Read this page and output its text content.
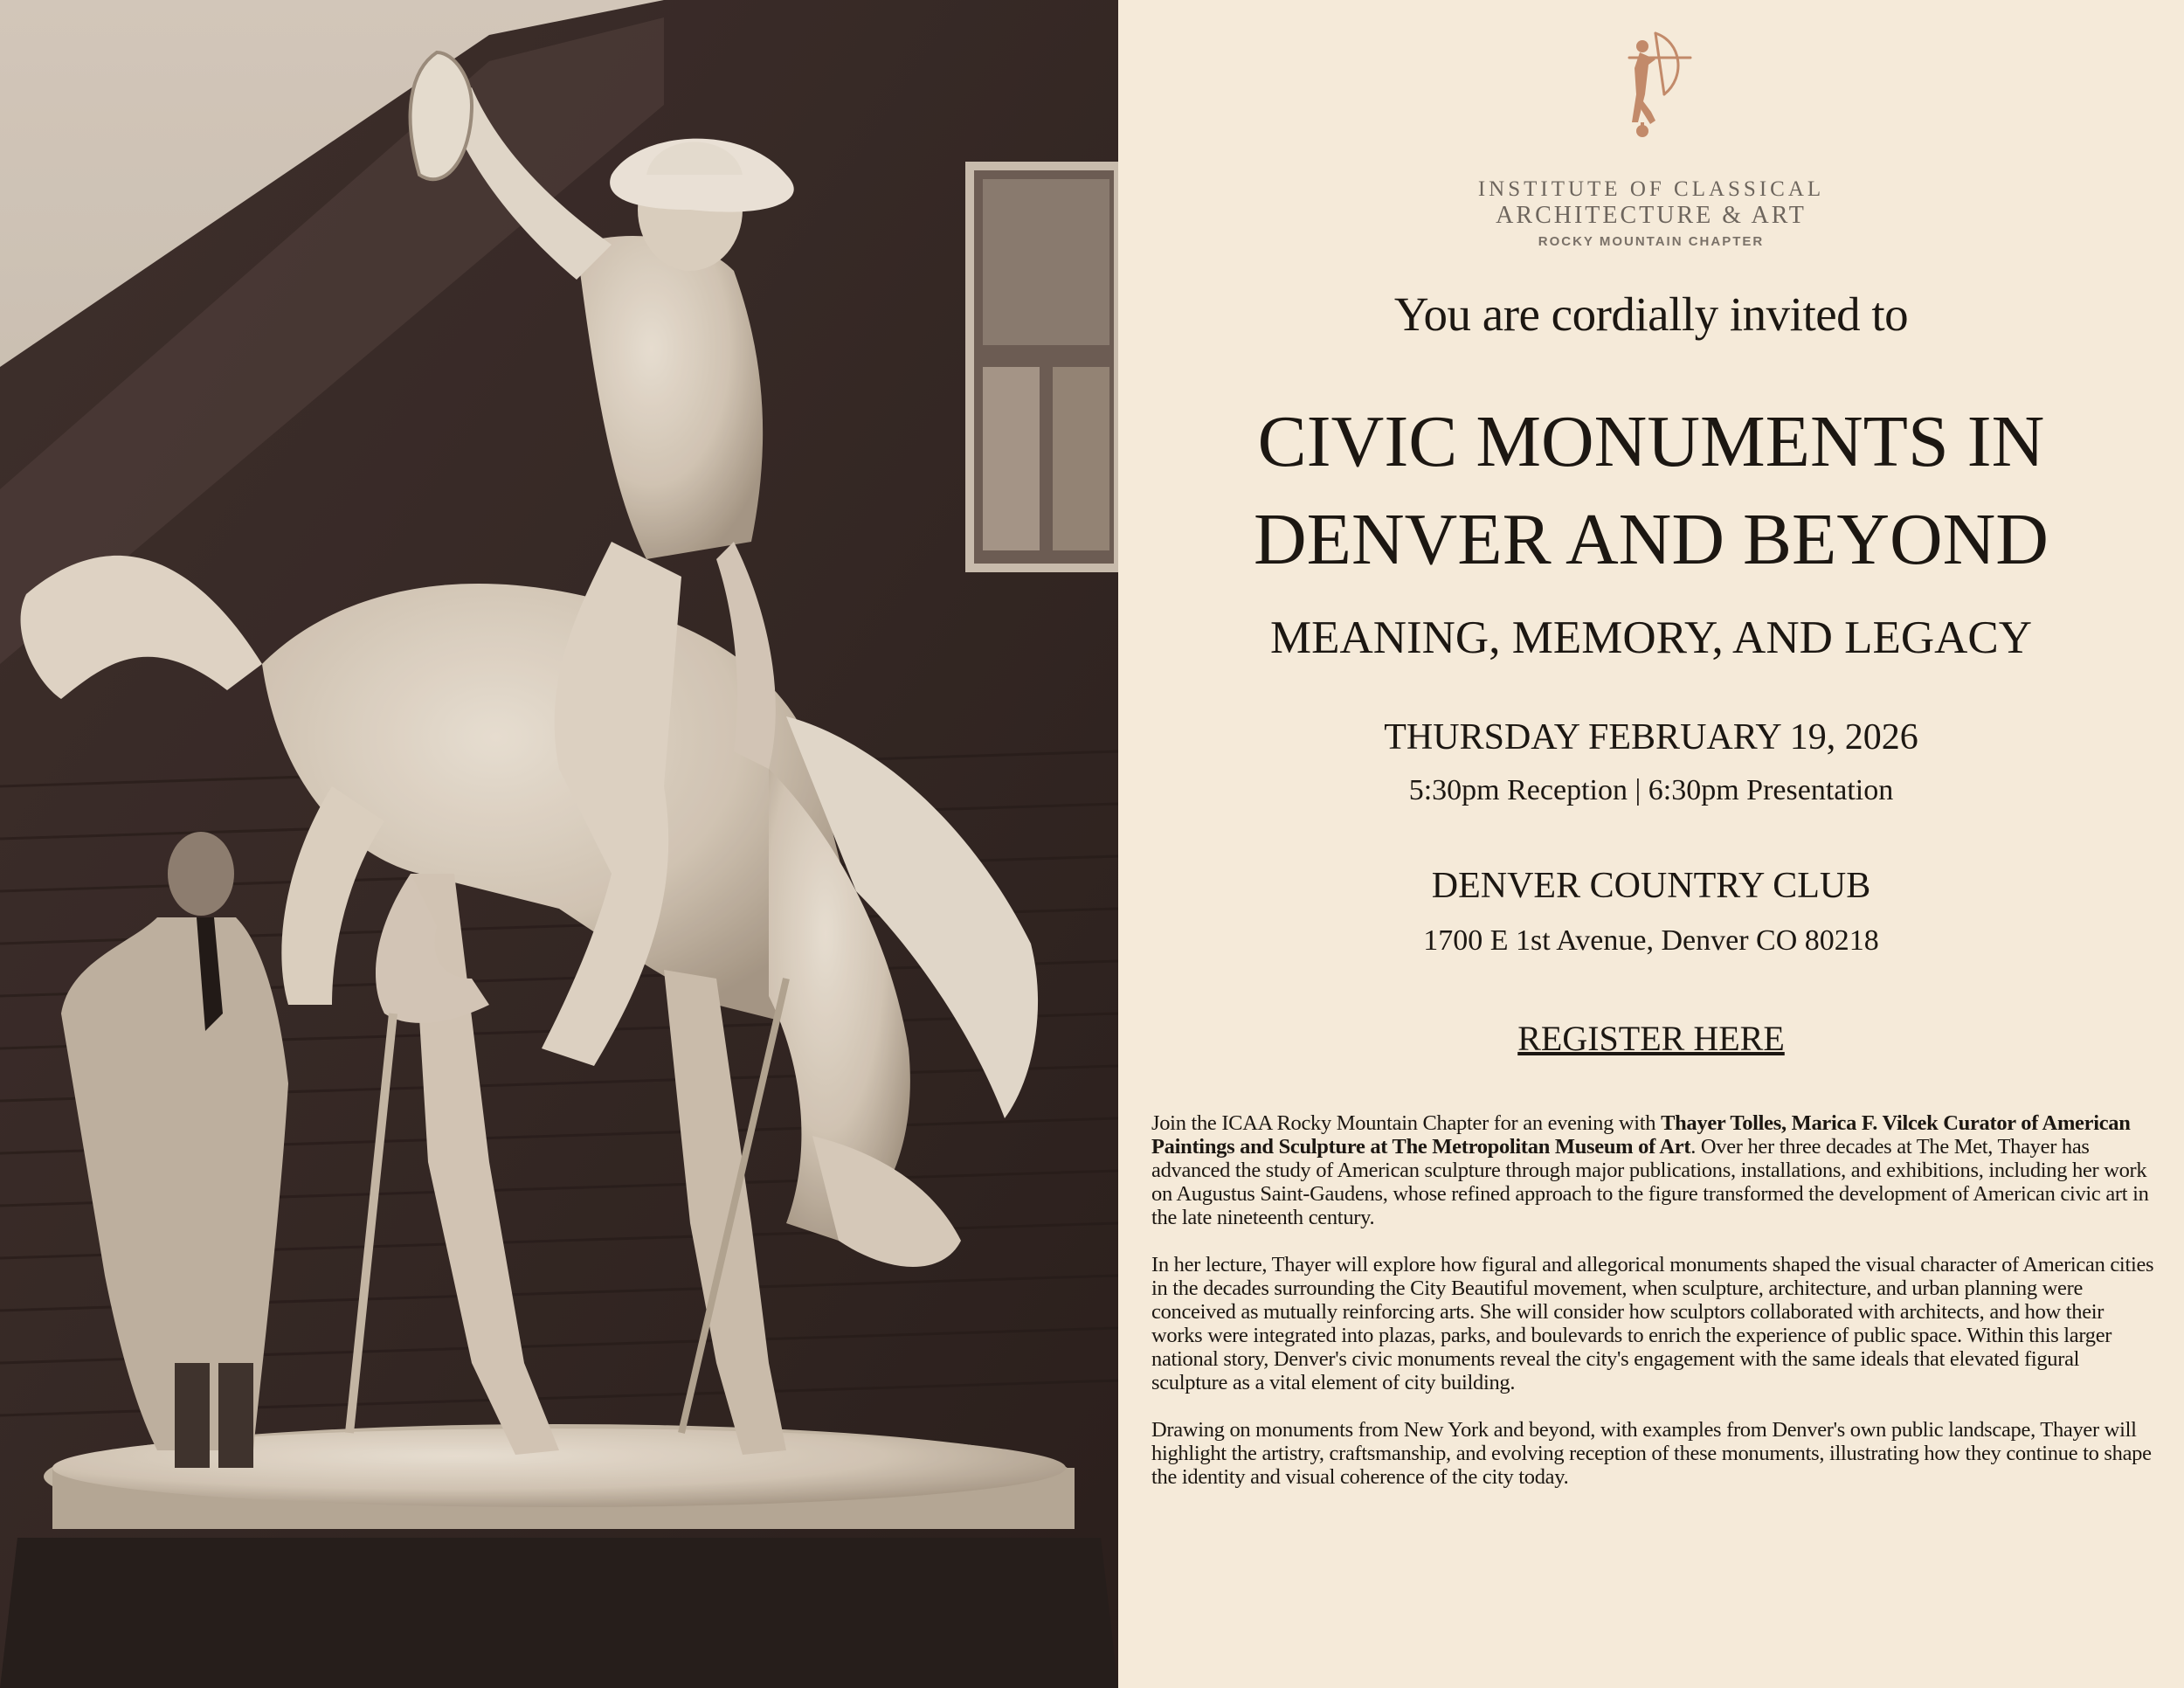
INSTITUTE OF CLASSICAL
ARCHITECTURE & ART
ROCKY MOUNTAIN CHAPTER
You are cordially invited to
CIVIC MONUMENTS IN
DENVER AND BEYOND
MEANING, MEMORY, AND LEGACY
THURSDAY FEBRUARY 19, 2026
5:30pm Reception | 6:30pm Presentation
DENVER COUNTRY CLUB
1700 E 1st Avenue, Denver CO 80218
REGISTER HERE

Join the ICAA Rocky Mountain Chapter for an evening with Thayer Tolles, Marica F. Vilcek Curator of American Paintings and Sculpture at The Metropolitan Museum of Art. Over her three decades at The Met, Thayer has advanced the study of American sculpture through major publications, installations, and exhibitions, including her work on Augustus Saint-Gaudens, whose refined approach to the figure transformed the development of American civic art in the late nineteenth century.

In her lecture, Thayer will explore how figural and allegorical monuments shaped the visual character of American cities in the decades surrounding the City Beautiful movement, when sculpture, architecture, and urban planning were conceived as mutually reinforcing arts. She will consider how sculptors collaborated with architects, and how their works were integrated into plazas, parks, and boulevards to enrich the experience of public space. Within this larger national story, Denver's civic monuments reveal the city's engagement with the same ideals that elevated figural sculpture as a vital element of city building.

Drawing on monuments from New York and beyond, with examples from Denver's own public landscape, Thayer will highlight the artistry, craftsmanship, and evolving reception of these monuments, illustrating how they continue to shape the identity and visual coherence of the city today.
